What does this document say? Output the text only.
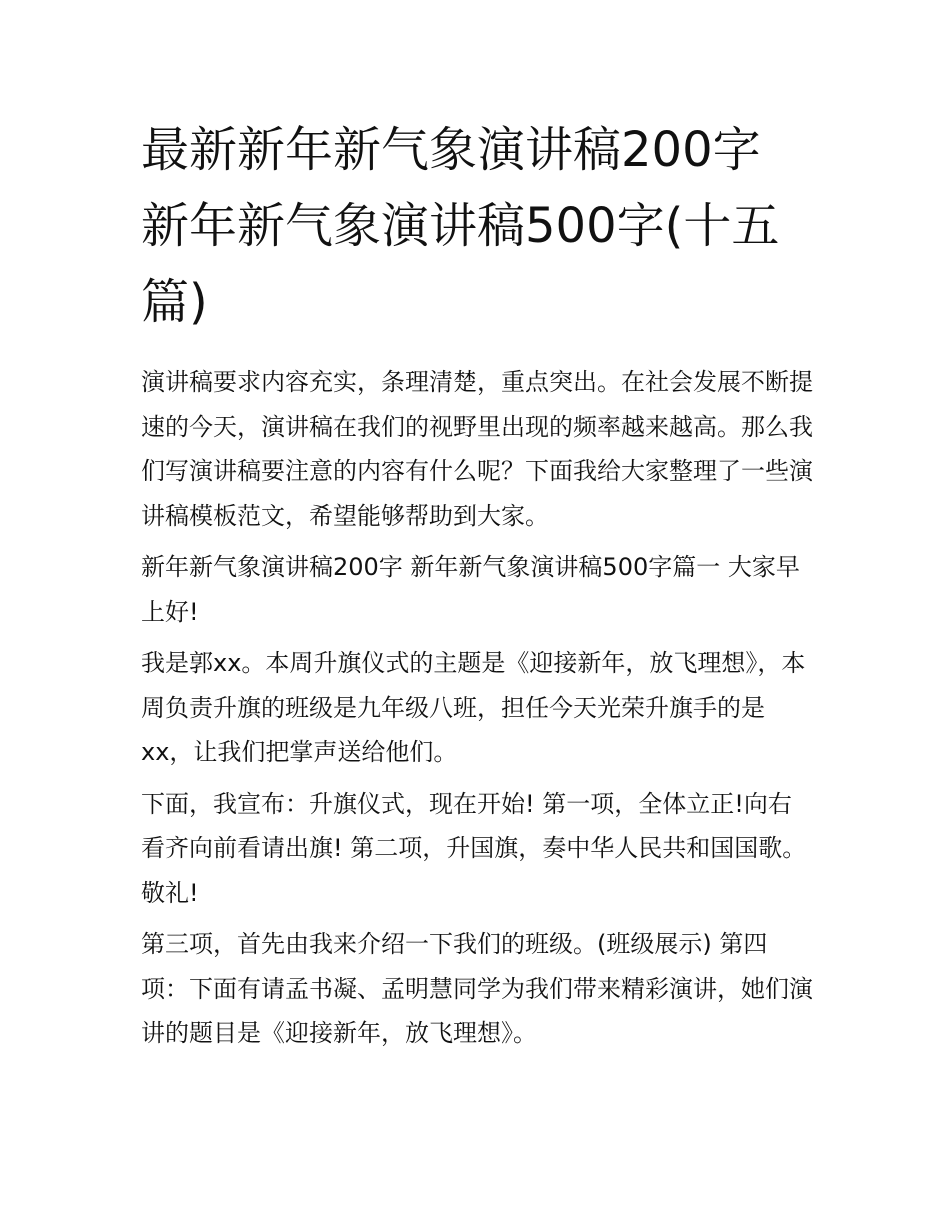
最新新年新气象演讲稿200字 新年新气象演讲稿500字(十五篇)

演讲稿要求内容充实，条理清楚，重点突出。在社会发展不断提速的今天，演讲稿在我们的视野里出现的频率越来越高。那么我们写演讲稿要注意的内容有什么呢？下面我给大家整理了一些演讲稿模板范文，希望能够帮助到大家。

新年新气象演讲稿200字 新年新气象演讲稿500字篇一 大家早上好!

我是郭xx。本周升旗仪式的主题是《迎接新年，放飞理想》，本周负责升旗的班级是九年级八班，担任今天光荣升旗手的是xx，让我们把掌声送给他们。

下面，我宣布：升旗仪式，现在开始! 第一项，全体立正!向右看齐向前看请出旗! 第二项，升国旗，奏中华人民共和国国歌。敬礼!

第三项，首先由我来介绍一下我们的班级。(班级展示) 第四项：下面有请孟书凝、孟明慧同学为我们带来精彩演讲，她们演讲的题目是《迎接新年，放飞理想》。
